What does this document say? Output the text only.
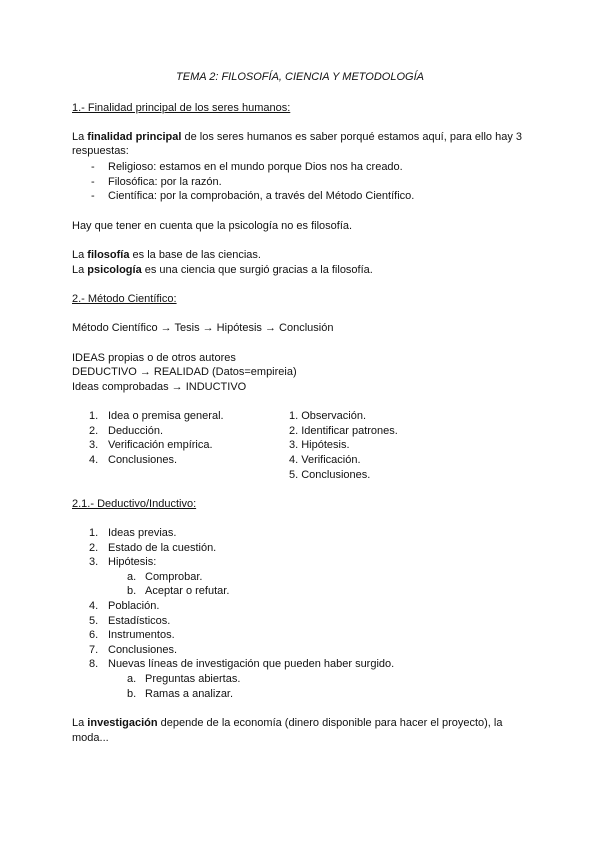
TEMA 2: FILOSOFÍA, CIENCIA Y METODOLOGÍA
1.- Finalidad principal de los seres humanos:
La finalidad principal de los seres humanos es saber porqué estamos aquí, para ello hay 3
respuestas:
- Religioso: estamos en el mundo porque Dios nos ha creado.
- Filosófica: por la razón.
- Científica: por la comprobación, a través del Método Científico.
Hay que tener en cuenta que la psicología no es filosofía.
La filosofía es la base de las ciencias.
La psicología es una ciencia que surgió gracias a la filosofía.
2.- Método Científico:
Método Científico → Tesis → Hipótesis → Conclusión
IDEAS propias o de otros autores
DEDUCTIVO → REALIDAD (Datos=empireia)
Ideas comprobadas → INDUCTIVO
1. Idea o premisa general.
2. Deducción.
3. Verificación empírica.
4. Conclusiones.
1. Observación.
2. Identificar patrones.
3. Hipótesis.
4. Verificación.
5. Conclusiones.
2.1.- Deductivo/Inductivo:
1. Ideas previas.
2. Estado de la cuestión.
3. Hipótesis:
a. Comprobar.
b. Aceptar o refutar.
4. Población.
5. Estadísticos.
6. Instrumentos.
7. Conclusiones.
8. Nuevas líneas de investigación que pueden haber surgido.
a. Preguntas abiertas.
b. Ramas a analizar.
La investigación depende de la economía (dinero disponible para hacer el proyecto), la
moda...
